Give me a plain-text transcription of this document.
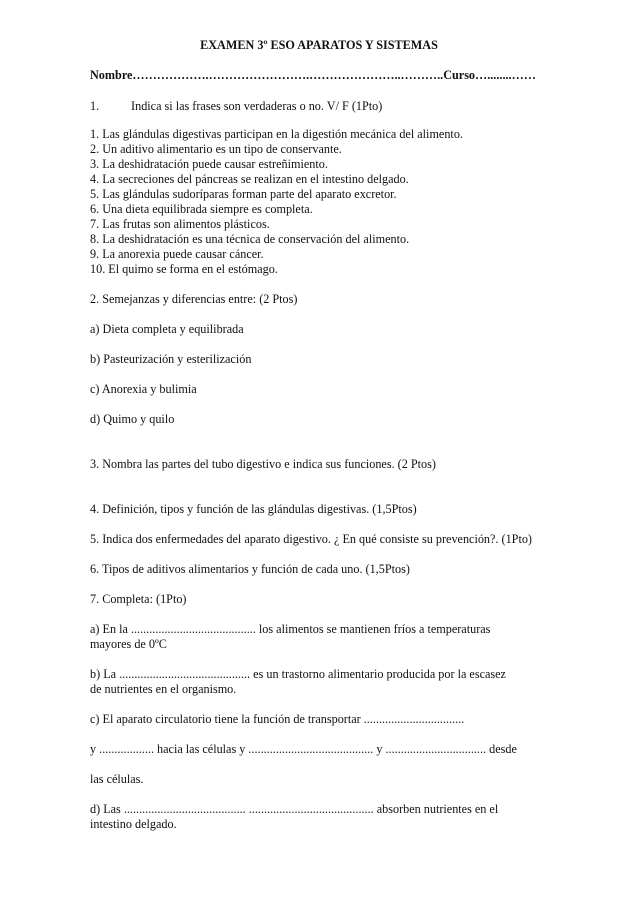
EXAMEN 3º ESO APARATOS Y SISTEMAS
Nombre……………….…………………….…………………..………..Curso…........……
1.	Indica si las frases son verdaderas o no. V/ F (1Pto)
1. Las glándulas digestivas participan en la digestión mecánica del alimento.
2. Un aditivo alimentario es un tipo de conservante.
3. La deshidratación puede causar estreñimiento.
4. La secreciones del páncreas se realizan en el intestino delgado.
5. Las glándulas sudoríparas forman parte del aparato excretor.
6. Una dieta equilibrada siempre es completa.
7. Las frutas son alimentos plásticos.
8. La deshidratación es una técnica de conservación del alimento.
9. La anorexia puede causar cáncer.
10. El quimo se forma en el estómago.
2. Semejanzas y diferencias entre: (2 Ptos)
a) Dieta completa y equilibrada
b) Pasteurización y esterilización
c) Anorexia y bulimia
d) Quimo y quilo
3. Nombra las partes del tubo digestivo e indica sus funciones. (2 Ptos)
4. Definición, tipos y función de las glándulas digestivas. (1,5Ptos)
5. Indica dos enfermedades del aparato digestivo. ¿ En qué consiste su prevención?. (1Pto)
6. Tipos de aditivos alimentarios y función de cada uno. (1,5Ptos)
7. Completa: (1Pto)
a) En la ......................................... los alimentos se mantienen fríos a temperaturas
mayores de 0ºC
b) La ........................................... es un trastorno alimentario producida por la escasez
de nutrientes en el organismo.
c) El aparato circulatorio tiene la función de transportar .................................
y .................. hacia las células y ......................................... y ................................. desde
las células.
d) Las ........................................ ......................................... absorben nutrientes en el
intestino delgado.
